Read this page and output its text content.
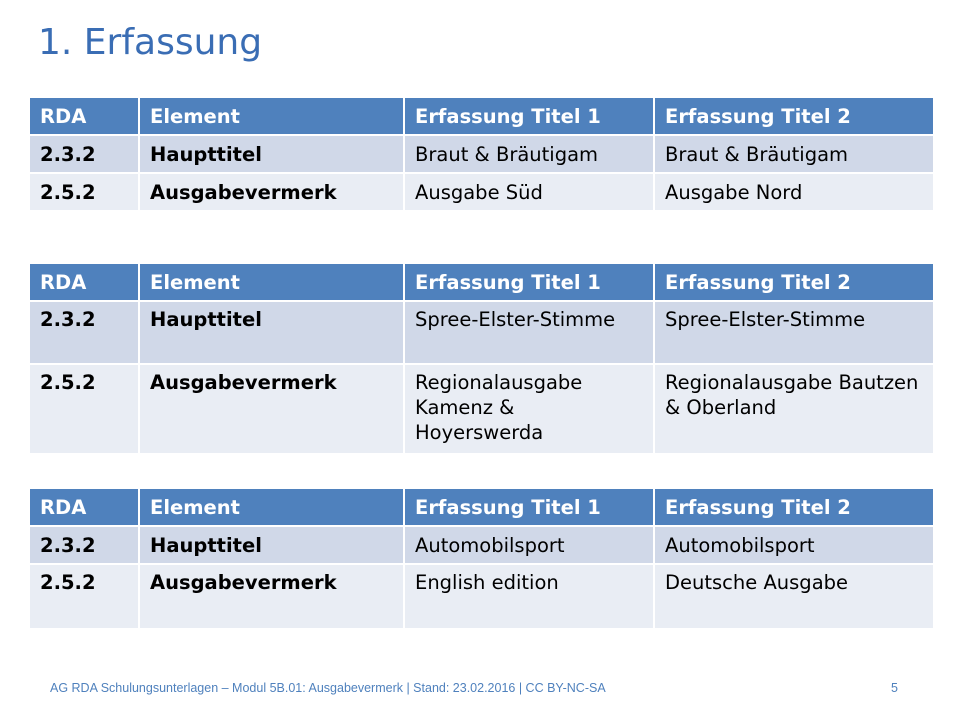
1. Erfassung
RDA	Element	Erfassung Titel 1	Erfassung Titel 2
2.3.2	Haupttitel	Braut & Bräutigam	Braut & Bräutigam
2.5.2	Ausgabevermerk	Ausgabe Süd	Ausgabe Nord
RDA	Element	Erfassung Titel 1	Erfassung Titel 2
2.3.2	Haupttitel	Spree-Elster-Stimme	Spree-Elster-Stimme
2.5.2	Ausgabevermerk	Regionalausgabe Kamenz & Hoyerswerda	Regionalausgabe Bautzen & Oberland
RDA	Element	Erfassung Titel 1	Erfassung Titel 2
2.3.2	Haupttitel	Automobilsport	Automobilsport
2.5.2	Ausgabevermerk	English edition	Deutsche Ausgabe
AG RDA Schulungsunterlagen – Modul 5B.01: Ausgabevermerk | Stand: 23.02.2016 | CC BY-NC-SA	5
